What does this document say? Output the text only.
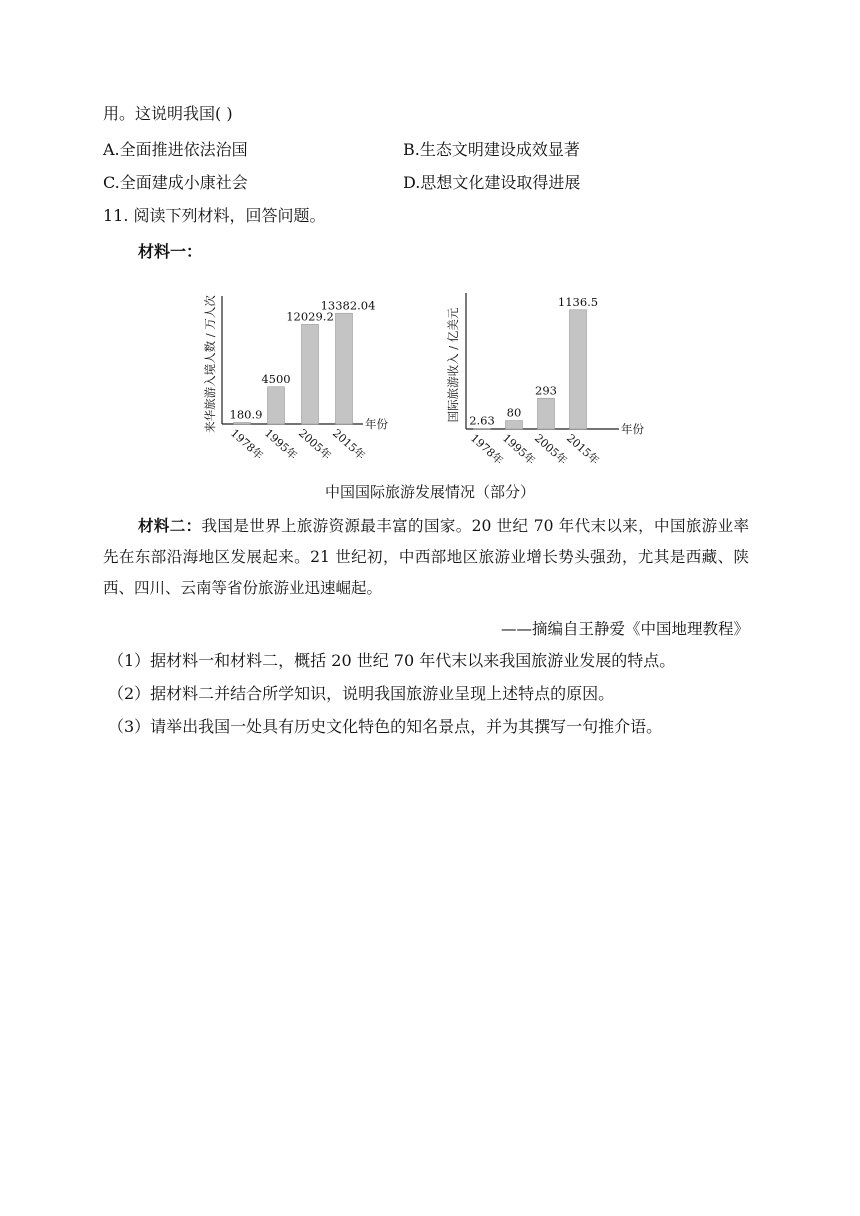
用。这说明我国( )
A.全面推进依法治国	B.生态文明建设成效显著
C.全面建成小康社会	D.思想文化建设取得进展
11. 阅读下列材料，回答问题。
材料一：
来华旅游入境人数 / 万人次	年份
180.9
1978年
4500
1995年
12029.2
2005年
13382.04
2015年
国际旅游收入 / 亿美元
年份
2.63
1978年
80
1995年
293
2005年
1136.5
2015年
中国国际旅游发展情况（部分）
材料二：我国是世界上旅游资源最丰富的国家。20 世纪 70 年代末以来，中国旅游业率先在东部沿海地区发展起来。21 世纪初，中西部地区旅游业增长势头强劲，尤其是西藏、陕西、四川、云南等省份旅游业迅速崛起。
——摘编自王静爱《中国地理教程》
（1）据材料一和材料二，概括 20 世纪 70 年代末以来我国旅游业发展的特点。
（2）据材料二并结合所学知识，说明我国旅游业呈现上述特点的原因。
（3）请举出我国一处具有历史文化特色的知名景点，并为其撰写一句推介语。
